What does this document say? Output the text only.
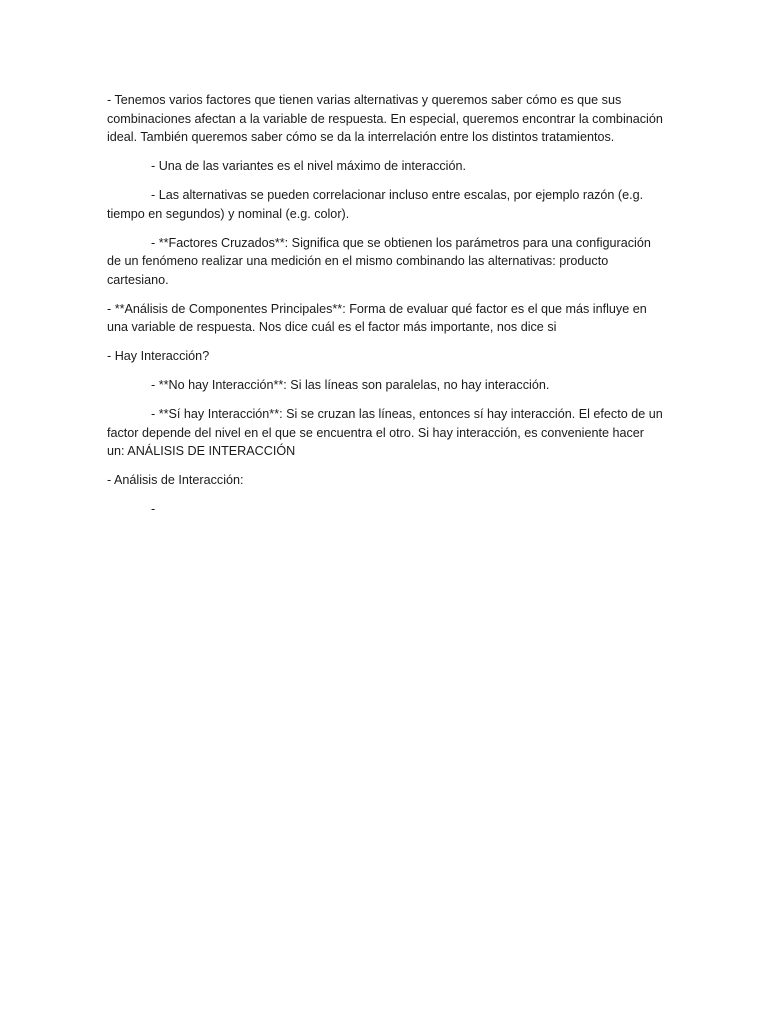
- Tenemos varios factores que tienen varias alternativas y queremos saber cómo es que sus combinaciones afectan a la variable de respuesta. En especial, queremos encontrar la combinación ideal. También queremos saber cómo se da la interrelación entre los distintos tratamientos.

- Una de las variantes es el nivel máximo de interacción.

- Las alternativas se pueden correlacionar incluso entre escalas, por ejemplo razón (e.g. tiempo en segundos) y nominal (e.g. color).

- **Factores Cruzados**: Significa que se obtienen los parámetros para una configuración de un fenómeno realizar una medición en el mismo combinando las alternativas: producto cartesiano.

- **Análisis de Componentes Principales**: Forma de evaluar qué factor es el que más influye en una variable de respuesta. Nos dice cuál es el factor más importante, nos dice si

- Hay Interacción?

- **No hay Interacción**: Si las líneas son paralelas, no hay interacción.

- **Sí hay Interacción**: Si se cruzan las líneas, entonces sí hay interacción. El efecto de un factor depende del nivel en el que se encuentra el otro. Si hay interacción, es conveniente hacer un: ANÁLISIS DE INTERACCIÓN

- Análisis de Interacción:

-
